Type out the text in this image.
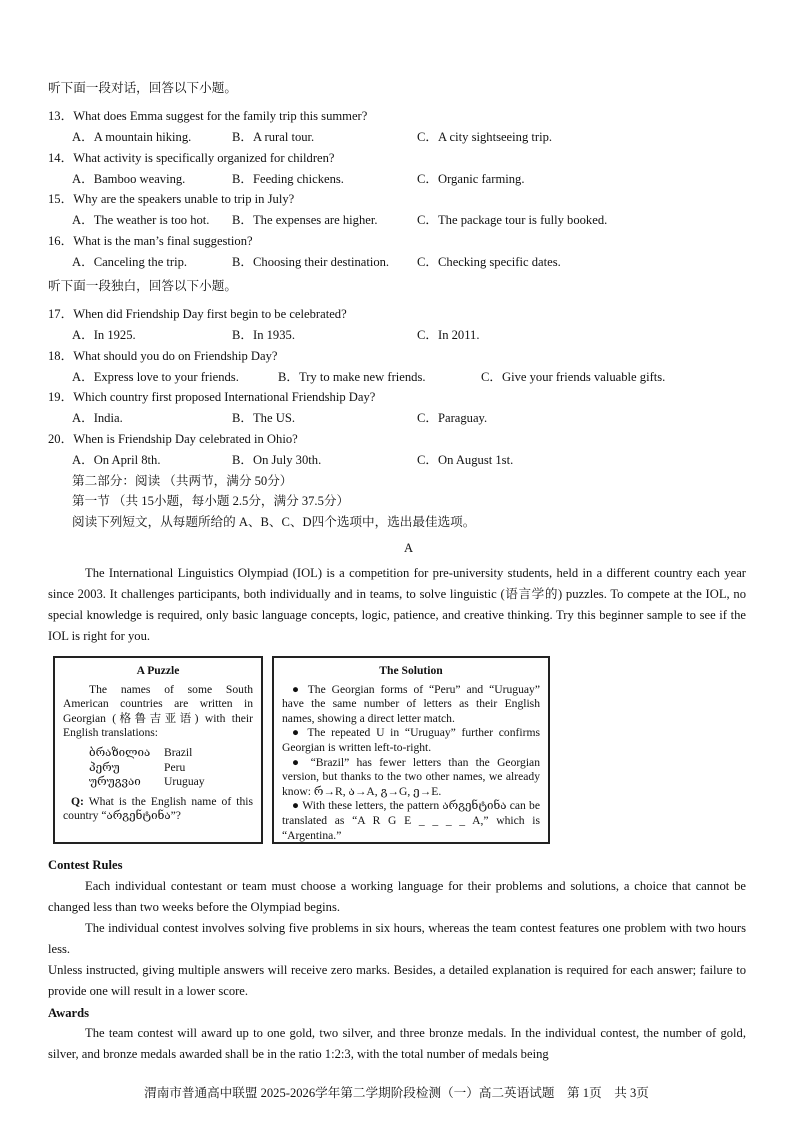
听下面一段对话，回答以下小题。
13．What does Emma suggest for the family trip this summer?
A．A mountain hiking.	B．A rural tour.	C．A city sightseeing trip.
14．What activity is specifically organized for children?
A．Bamboo weaving.	B．Feeding chickens.	C．Organic farming.
15．Why are the speakers unable to trip in July?
A．The weather is too hot. B．The expenses are higher.	C．The package tour is fully booked.
16．What is the man’s final suggestion?
A．Canceling the trip.	B．Choosing their destination. C．Checking specific dates.
听下面一段独白，回答以下小题。
17．When did Friendship Day first begin to be celebrated?
A．In 1925.	B．In 1935.	C．In 2011.
18．What should you do on Friendship Day?
A．Express love to your friends.	B．Try to make new friends.	C．Give your friends valuable gifts.
19．Which country first proposed International Friendship Day?
A．India.	B．The US.	C．Paraguay.
20．When is Friendship Day celebrated in Ohio?
A．On April 8th.	B．On July 30th.	C．On August 1st.
第二部分：阅读 （共两节，满分 50分）
第一节 （共 15小题，每小题 2.5分，满分 37.5分）
阅读下列短文，从每题所给的 A、B、C、D四个选项中，选出最佳选项。
A
The International Linguistics Olympiad (IOL) is a competition for pre-university students, held in a different country each year since 2003. It challenges participants, both individually and in teams, to solve linguistic (语言学的) puzzles. To compete at the IOL, no special knowledge is required, only basic language concepts, logic, patience, and creative thinking. Try this beginner sample to see if the IOL is right for you.
A Puzzle

The names of some South American countries are written in Georgian (格鲁吉亚语) with their English translations:

ბრაზილია	Brazil
პერუ	Peru
ურუგვაი	Uruguay

Q: What is the English name of this country “არგენტინა”?

The Solution

● The Georgian forms of “Peru” and “Uruguay” have the same number of letters as their English names, showing a direct letter match.

● The repeated U in “Uruguay” further confirms Georgian is written left-to-right.

● “Brazil” has fewer letters than the Georgian version, but thanks to the two other names, we already know: რ→R, ა→A, გ→G, ე→E.

● With these letters, the pattern არგენტინა can be translated as “A R G E _ _ _ _ A,” which is “Argentina.”

Contest Rules
Each individual contestant or team must choose a working language for their problems and solutions, a choice that cannot be changed less than two weeks before the Olympiad begins.
The individual contest involves solving five problems in six hours, whereas the team contest features one problem with two hours less.
Unless instructed, giving multiple answers will receive zero marks. Besides, a detailed explanation is required for each answer; failure to provide one will result in a lower score.
Awards
The team contest will award up to one gold, two silver, and three bronze medals. In the individual contest, the number of gold, silver, and bronze medals awarded shall be in the ratio 1:2:3, with the total number of medals being
渭南市普通高中联盟 2025-2026学年第二学期阶段检测（一）高二英语试题　第 1页　共 3页
